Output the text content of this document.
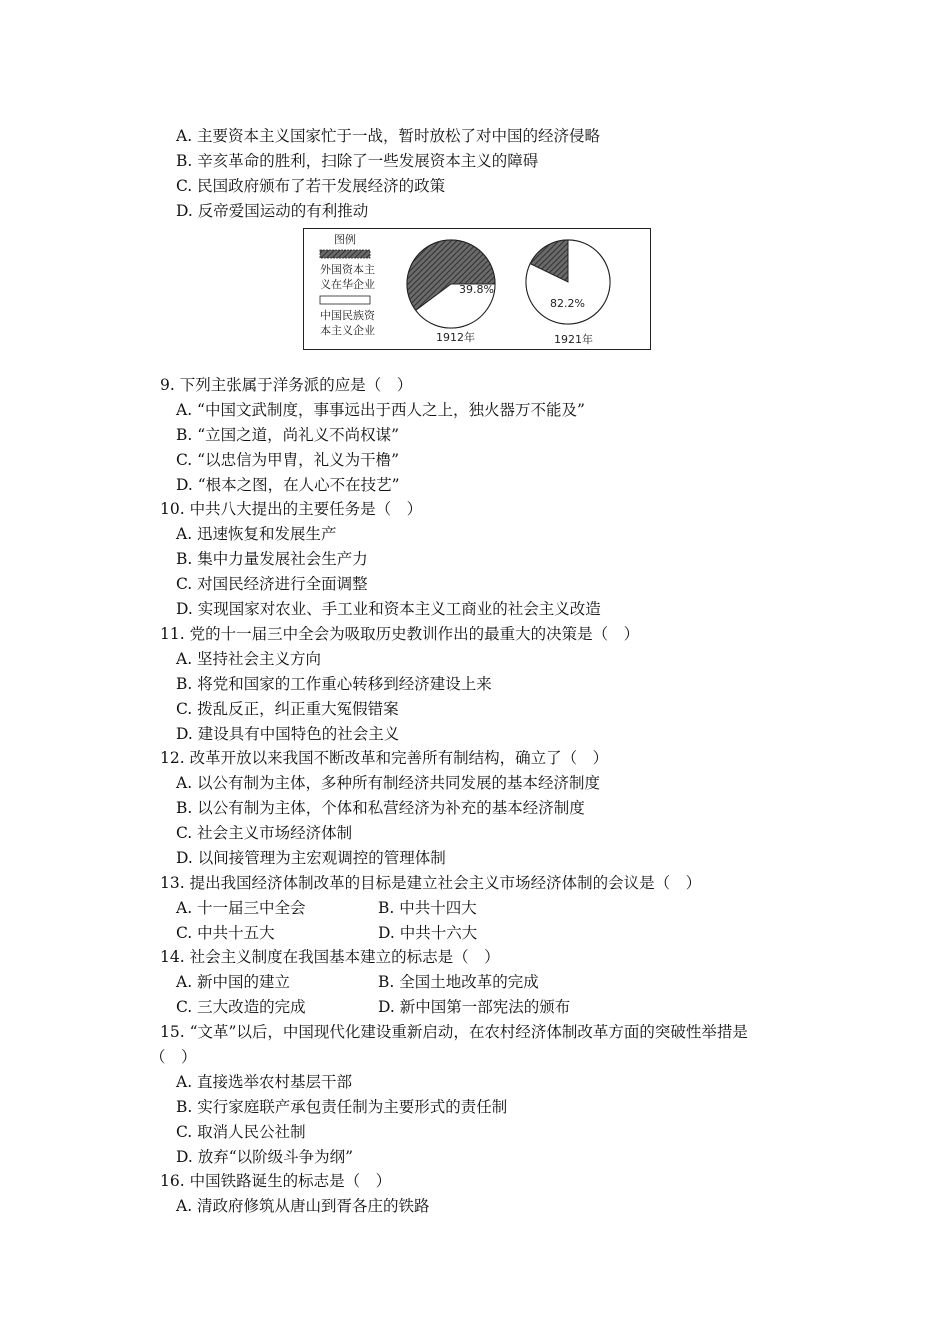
A. 主要资本主义国家忙于一战，暂时放松了对中国的经济侵略
B. 辛亥革命的胜利，扫除了一些发展资本主义的障碍
C. 民国政府颁布了若干发展经济的政策
D. 反帝爱国运动的有利推动
图例
外国资本主
义在华企业
中国民族资
本主义企业
39.8%
1912年
82.2%
1921年
9. 下列主张属于洋务派的应是（　）
A. “中国文武制度，事事远出于西人之上，独火器万不能及”
B. “立国之道，尚礼义不尚权谋”
C. “以忠信为甲胄，礼义为干橹”
D. “根本之图，在人心不在技艺”
10. 中共八大提出的主要任务是（　）
A. 迅速恢复和发展生产
B. 集中力量发展社会生产力
C. 对国民经济进行全面调整
D. 实现国家对农业、手工业和资本主义工商业的社会主义改造
11. 党的十一届三中全会为吸取历史教训作出的最重大的决策是（　）
A. 坚持社会主义方向
B. 将党和国家的工作重心转移到经济建设上来
C. 拨乱反正，纠正重大冤假错案
D. 建设具有中国特色的社会主义
12. 改革开放以来我国不断改革和完善所有制结构，确立了（　）
A. 以公有制为主体，多种所有制经济共同发展的基本经济制度
B. 以公有制为主体，个体和私营经济为补充的基本经济制度
C. 社会主义市场经济体制
D. 以间接管理为主宏观调控的管理体制
13. 提出我国经济体制改革的目标是建立社会主义市场经济体制的会议是（　）
A. 十一届三中全会	B. 中共十四大
C. 中共十五大	D. 中共十六大
14. 社会主义制度在我国基本建立的标志是（　）
A. 新中国的建立	B. 全国土地改革的完成
C. 三大改造的完成	D. 新中国第一部宪法的颁布
15. “文革”以后，中国现代化建设重新启动，在农村经济体制改革方面的突破性举措是
（　）
A. 直接选举农村基层干部
B. 实行家庭联产承包责任制为主要形式的责任制
C. 取消人民公社制
D. 放弃“以阶级斗争为纲”
16. 中国铁路诞生的标志是（　）
A. 清政府修筑从唐山到胥各庄的铁路
